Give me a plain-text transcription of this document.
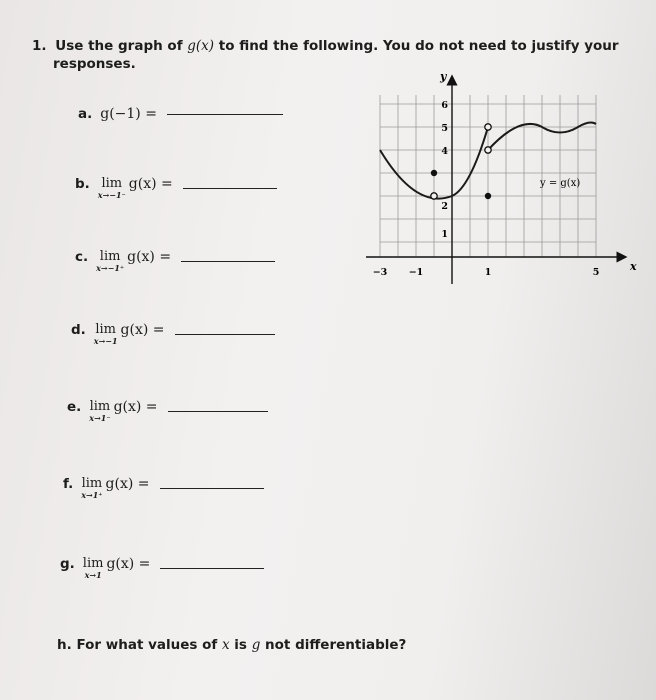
1. Use the graph of g(x) to find the following. You do not need to justify your
responses.
a. g(−1) =
b. lim
x→−1⁻
g(x) =
c. lim
x→−1⁺
g(x) =
d. lim
x→−1
g(x) =
e. lim
x→1⁻
g(x) =
f. lim
x→1⁺
g(x) =
g. lim
x→1
g(x) =
h. For what values of x is g not differentiable?
y
x
6
5
4
2
1
−3 −1	1	5
y = g(x)
